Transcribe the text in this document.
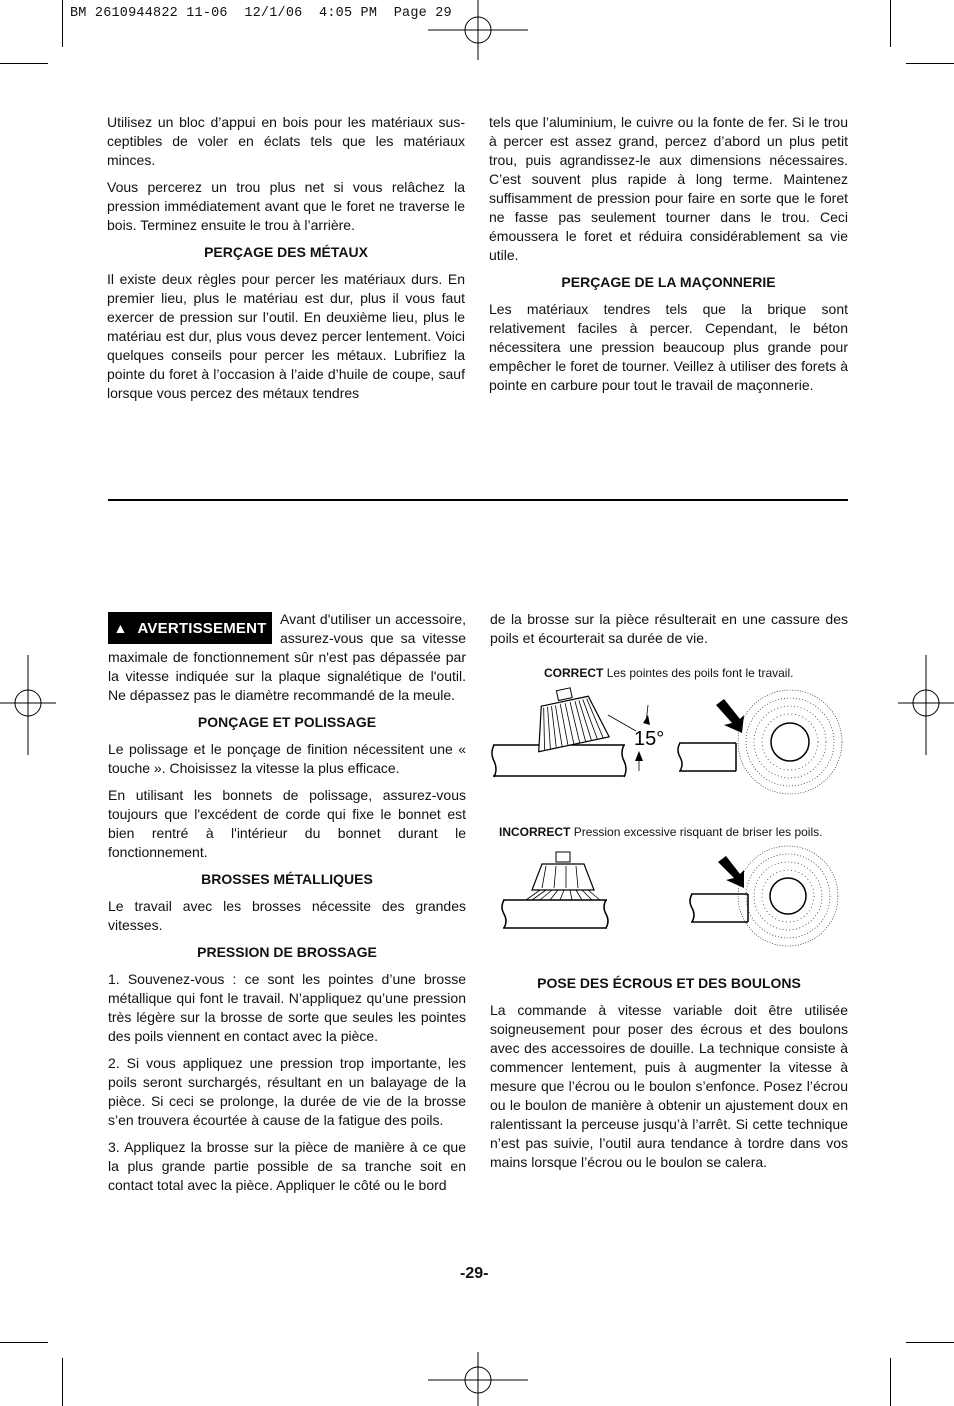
BM 2610944822 11-06  12/1/06  4:05 PM  Page 29

Utilisez un bloc d’appui en bois pour les matériaux sus-ceptibles de voler en éclats tels que les matériaux minces.

Vous percerez un trou plus net si vous relâchez la pression immédiatement avant que le foret ne traverse le bois. Terminez ensuite le trou à l’arrière.

PERÇAGE DES MÉTAUX

Il existe deux règles pour percer les matériaux durs. En premier lieu, plus le matériau est dur, plus il vous faut exercer de pression sur l’outil. En deuxième lieu, plus le matériau est dur, plus vous devez percer lentement. Voici quelques conseils pour percer les métaux. Lubrifiez la pointe du foret à l’occasion à l’aide d’huile de coupe, sauf lorsque vous percez des métaux tendres

tels que l’aluminium, le cuivre ou la fonte de fer. Si le trou à percer est assez grand, percez d’abord un plus petit trou, puis agrandissez-le aux dimensions nécessaires. C’est souvent plus rapide à long terme. Maintenez suffisamment de pression pour faire en sorte que le foret ne fasse pas seulement tourner dans le trou. Ceci émoussera le foret et réduira considérablement sa vie utile.

PERÇAGE DE LA MAÇONNERIE

Les matériaux tendres tels que la brique sont relativement faciles à percer. Cependant, le béton nécessitera une pression beaucoup plus grande pour empêcher le foret de tourner. Veillez à utiliser des forets à pointe en carbure pour tout le travail de maçonnerie.

▲ AVERTISSEMENT

Avant d'utiliser un accessoire, assurez-vous que sa vitesse maximale de fonctionnement sûr n'est pas dépassée par la vitesse indiquée sur la plaque signalétique de l'outil. Ne dépassez pas le diamètre recommandé de la meule.

PONÇAGE ET POLISSAGE

Le polissage et le ponçage de finition nécessitent une « touche ». Choisissez la vitesse la plus efficace.

En utilisant les bonnets de polissage, assurez-vous toujours que l'excédent de corde qui fixe le bonnet est bien rentré à l'intérieur du bonnet durant le fonctionnement.

BROSSES MÉTALLIQUES

Le travail avec les brosses nécessite des grandes vitesses.

PRESSION DE BROSSAGE

1. Souvenez-vous : ce sont les pointes d’une brosse métallique qui font le travail. N’appliquez qu’une pression très légère sur la brosse de sorte que seules les pointes des poils viennent en contact avec la pièce.

2. Si vous appliquez une pression trop importante, les poils seront surchargés, résultant en un balayage de la pièce. Si ceci se prolonge, la durée de vie de la brosse s’en trouvera écourtée à cause de la fatigue des poils.

3. Appliquez la brosse sur la pièce de manière à ce que la plus grande partie possible de sa tranche soit en contact total avec la pièce. Appliquer le côté ou le bord

de la brosse sur la pièce résulterait en une cassure des poils et écourterait sa durée de vie.

CORRECT Les pointes des poils font le travail.
15°
INCORRECT Pression excessive risquant de briser les poils.

POSE DES ÉCROUS ET DES BOULONS

La commande à vitesse variable doit être utilisée soigneusement pour poser des écrous et des boulons avec des accessoires de douille. La technique consiste à commencer lentement, puis à augmenter la vitesse à mesure que l’écrou ou le boulon s’enfonce. Posez l’écrou ou le boulon de manière à obtenir un ajustement doux en ralentissant la perceuse jusqu’à l’arrêt. Si cette technique n’est pas suivie, l’outil aura tendance à tordre dans vos mains lorsque l’écrou ou le boulon se calera.

-29-
